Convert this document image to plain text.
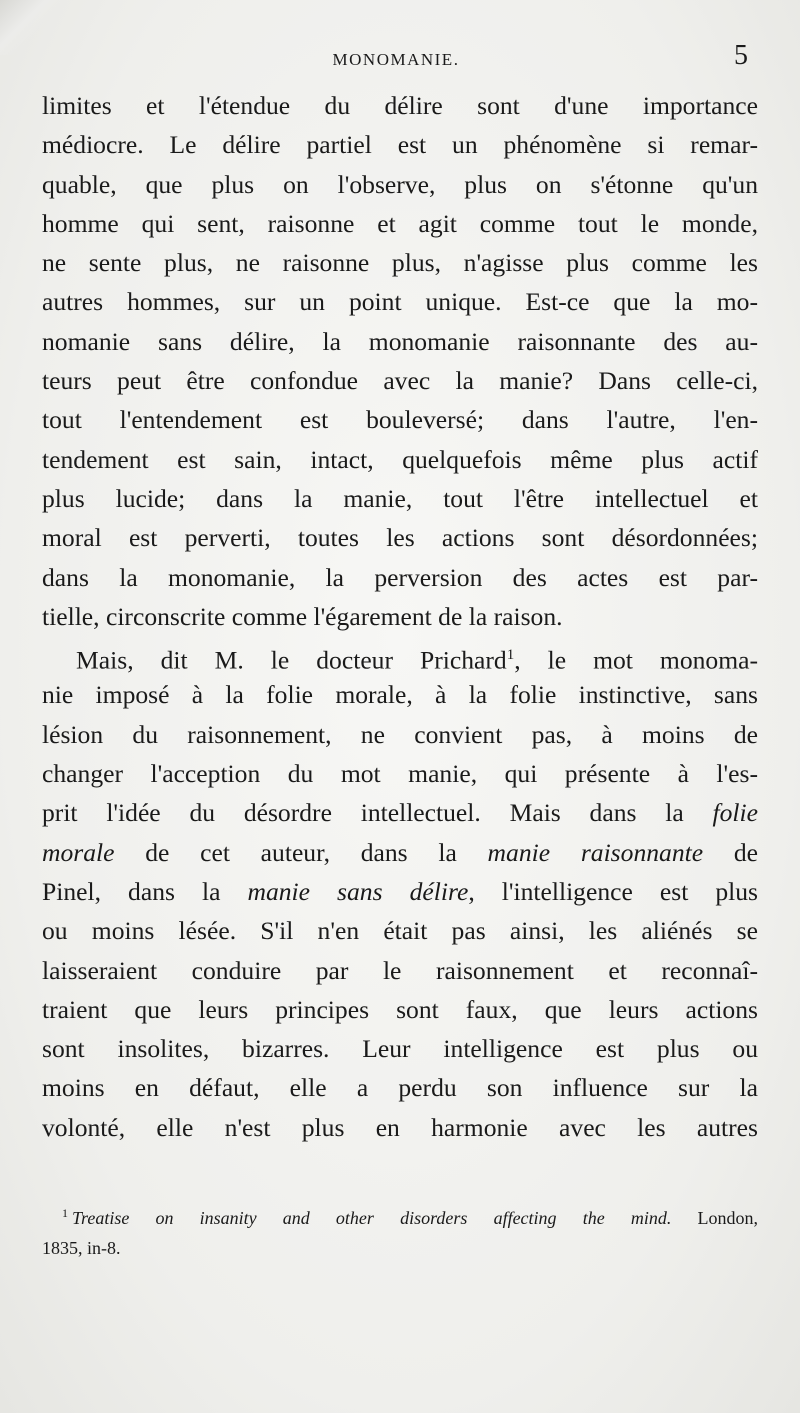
MONOMANIE.	5
limites et l'étendue du délire sont d'une importance
médiocre. Le délire partiel est un phénomène si remar-
quable, que plus on l'observe, plus on s'étonne qu'un
homme qui sent, raisonne et agit comme tout le monde,
ne sente plus, ne raisonne plus, n'agisse plus comme les
autres hommes, sur un point unique. Est-ce que la mo-
nomanie sans délire, la monomanie raisonnante des au-
teurs peut être confondue avec la manie? Dans celle-ci,
tout l'entendement est bouleversé; dans l'autre, l'en-
tendement est sain, intact, quelquefois même plus actif
plus lucide; dans la manie, tout l'être intellectuel et
moral est perverti, toutes les actions sont désordonnées;
dans la monomanie, la perversion des actes est par-
tielle, circonscrite comme l'égarement de la raison.
Mais, dit M. le docteur Prichard$^1$, le mot monoma-
nie imposé à la folie morale, à la folie instinctive, sans
lésion du raisonnement, ne convient pas, à moins de
changer l'acception du mot manie, qui présente à l'es-
prit l'idée du désordre intellectuel. Mais dans la folie
morale de cet auteur, dans la manie raisonnante de
Pinel, dans la manie sans délire, l'intelligence est plus
ou moins lésée. S'il n'en était pas ainsi, les aliénés se
laisseraient conduire par le raisonnement et reconnaî-
traient que leurs principes sont faux, que leurs actions
sont insolites, bizarres. Leur intelligence est plus ou
moins en défaut, elle a perdu son influence sur la
volonté, elle n'est plus en harmonie avec les autres
$^1$ Treatise on insanity and other disorders affecting the mind. London,
1835, in-8.
